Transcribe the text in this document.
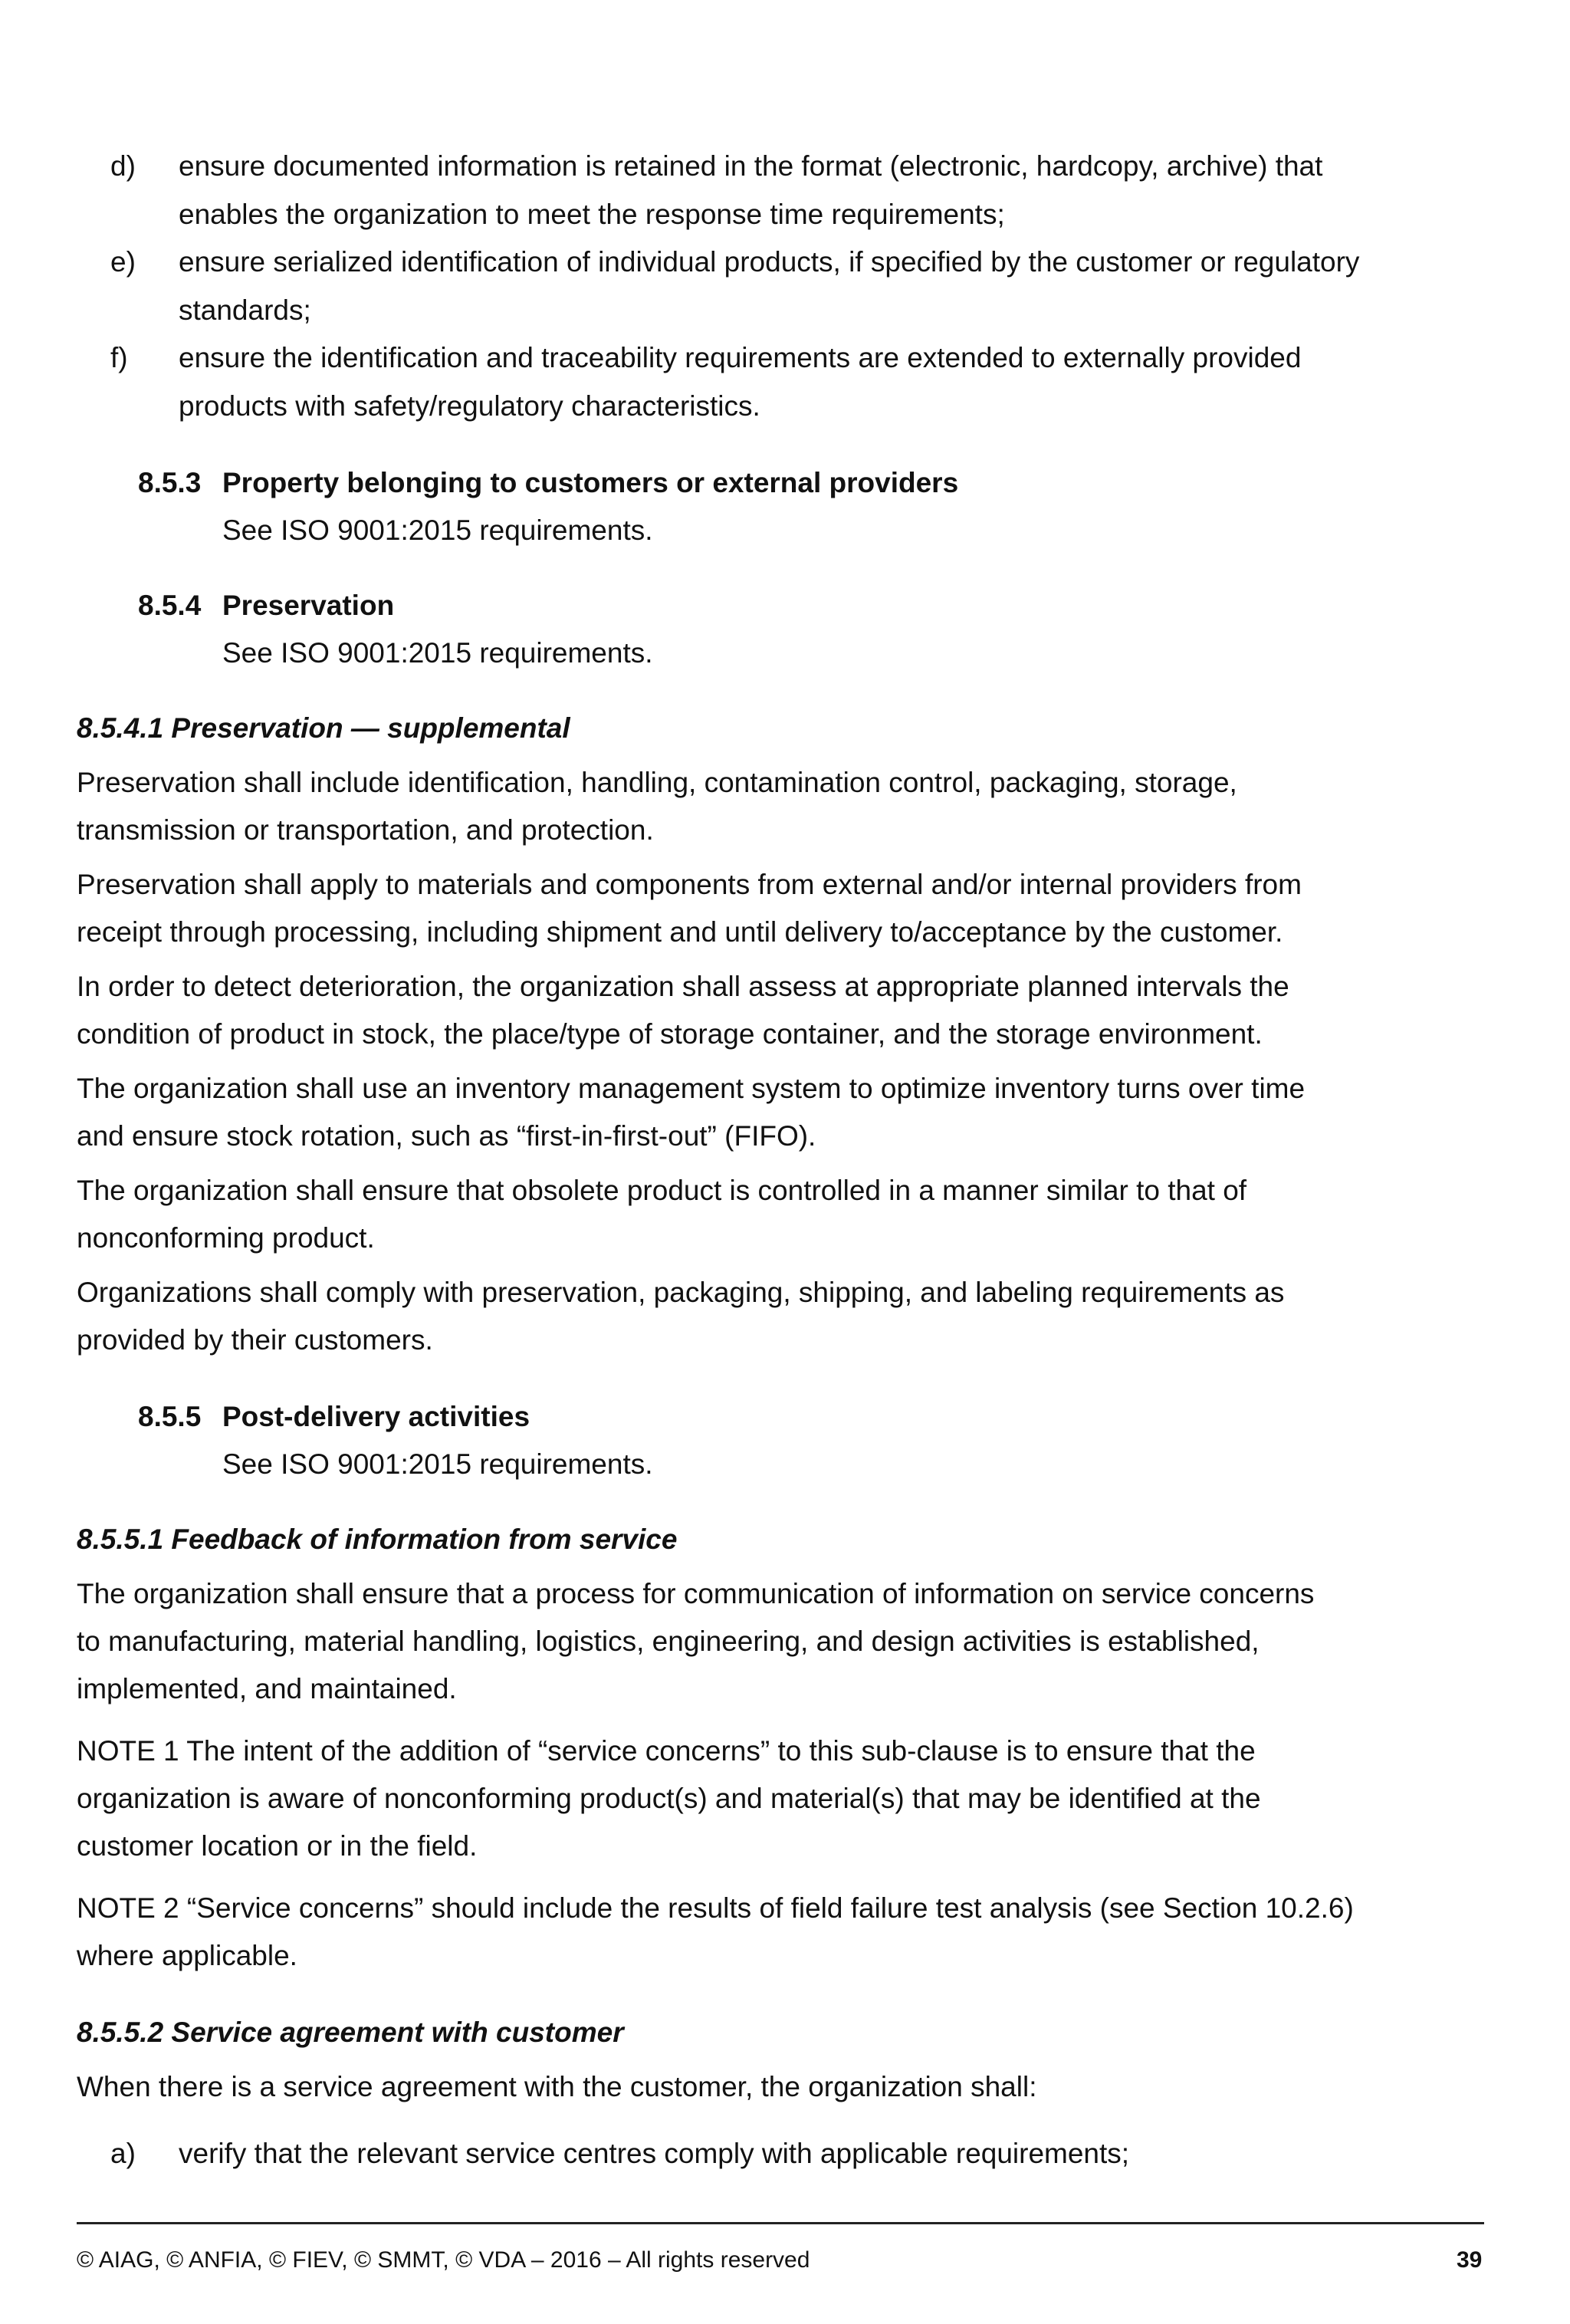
d) ensure documented information is retained in the format (electronic, hardcopy, archive) that
enables the organization to meet the response time requirements;
e) ensure serialized identification of individual products, if specified by the customer or regulatory
standards;
f) ensure the identification and traceability requirements are extended to externally provided
products with safety/regulatory characteristics.
8.5.3 Property belonging to customers or external providers
See ISO 9001:2015 requirements.
8.5.4 Preservation
See ISO 9001:2015 requirements.
8.5.4.1 Preservation — supplemental
Preservation shall include identification, handling, contamination control, packaging, storage,
transmission or transportation, and protection.
Preservation shall apply to materials and components from external and/or internal providers from
receipt through processing, including shipment and until delivery to/acceptance by the customer.
In order to detect deterioration, the organization shall assess at appropriate planned intervals the
condition of product in stock, the place/type of storage container, and the storage environment.
The organization shall use an inventory management system to optimize inventory turns over time
and ensure stock rotation, such as “first-in-first-out” (FIFO).
The organization shall ensure that obsolete product is controlled in a manner similar to that of
nonconforming product.
Organizations shall comply with preservation, packaging, shipping, and labeling requirements as
provided by their customers.
8.5.5 Post-delivery activities
See ISO 9001:2015 requirements.
8.5.5.1 Feedback of information from service
The organization shall ensure that a process for communication of information on service concerns
to manufacturing, material handling, logistics, engineering, and design activities is established,
implemented, and maintained.
NOTE 1 The intent of the addition of “service concerns” to this sub-clause is to ensure that the
organization is aware of nonconforming product(s) and material(s) that may be identified at the
customer location or in the field.
NOTE 2 “Service concerns” should include the results of field failure test analysis (see Section 10.2.6)
where applicable.
8.5.5.2 Service agreement with customer
When there is a service agreement with the customer, the organization shall:
a) verify that the relevant service centres comply with applicable requirements;
© AIAG, © ANFIA, © FIEV, © SMMT, © VDA – 2016 – All rights reserved	39
